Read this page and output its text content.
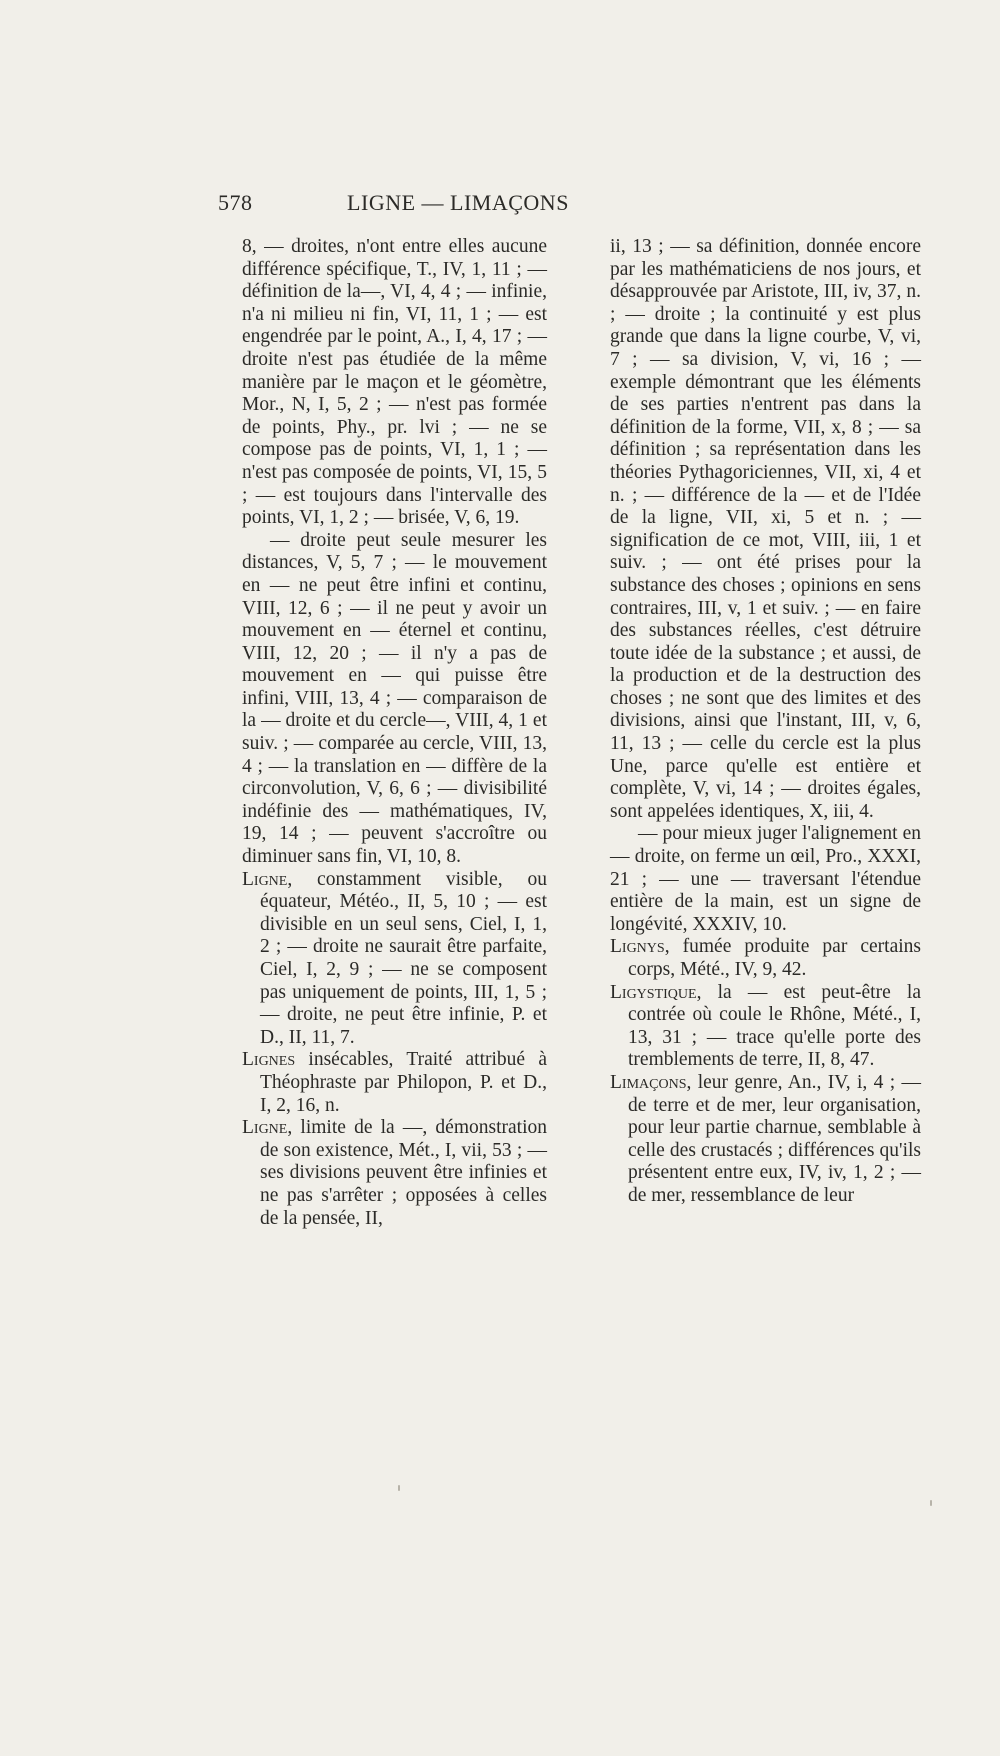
578	LIGNE — LIMAÇONS

8, — droites, n'ont entre elles aucune différence spécifique, T., IV, 1, 11 ; — définition de la—, VI, 4, 4 ; — infinie, n'a ni milieu ni fin, VI, 11, 1 ; — est engendrée par le point, A., I, 4, 17 ; — droite n'est pas étudiée de la même manière par le maçon et le géomètre, Mor., N, I, 5, 2 ; — n'est pas formée de points, Phy., pr. lvi ; — ne se compose pas de points, VI, 1, 1 ; — n'est pas composée de points, VI, 15, 5 ; — est toujours dans l'intervalle des points, VI, 1, 2 ; — brisée, V, 6, 19.

— droite peut seule mesurer les distances, V, 5, 7 ; — le mouvement en — ne peut être infini et continu, VIII, 12, 6 ; — il ne peut y avoir un mouvement en — éternel et continu, VIII, 12, 20 ; — il n'y a pas de mouvement en — qui puisse être infini, VIII, 13, 4 ; — comparaison de la — droite et du cercle—, VIII, 4, 1 et suiv. ; — comparée au cercle, VIII, 13, 4 ; — la translation en — diffère de la circonvolution, V, 6, 6 ; — divisibilité indéfinie des — mathématiques, IV, 19, 14 ; — peuvent s'accroître ou diminuer sans fin, VI, 10, 8.

Ligne, constamment visible, ou équateur, Météo., II, 5, 10 ; — est divisible en un seul sens, Ciel, I, 1, 2 ; — droite ne saurait être parfaite, Ciel, I, 2, 9 ; — ne se composent pas uniquement de points, III, 1, 5 ; — droite, ne peut être infinie, P. et D., II, 11, 7.

Lignes insécables, Traité attribué à Théophraste par Philopon, P. et D., I, 2, 16, n.

Ligne, limite de la —, démonstration de son existence, Mét., I, vii, 53 ; — ses divisions peuvent être infinies et ne pas s'arrêter ; opposées à celles de la pensée, II,

ii, 13 ; — sa définition, donnée encore par les mathématiciens de nos jours, et désapprouvée par Aristote, III, iv, 37, n. ; — droite ; la continuité y est plus grande que dans la ligne courbe, V, vi, 7 ; — sa division, V, vi, 16 ; — exemple démontrant que les éléments de ses parties n'entrent pas dans la définition de la forme, VII, x, 8 ; — sa définition ; sa représentation dans les théories Pythagoriciennes, VII, xi, 4 et n. ; — différence de la — et de l'Idée de la ligne, VII, xi, 5 et n. ; — signification de ce mot, VIII, iii, 1 et suiv. ; — ont été prises pour la substance des choses ; opinions en sens contraires, III, v, 1 et suiv. ; — en faire des substances réelles, c'est détruire toute idée de la substance ; et aussi, de la production et de la destruction des choses ; ne sont que des limites et des divisions, ainsi que l'instant, III, v, 6, 11, 13 ; — celle du cercle est la plus Une, parce qu'elle est entière et complète, V, vi, 14 ; — droites égales, sont appelées identiques, X, iii, 4.

— pour mieux juger l'alignement en — droite, on ferme un œil, Pro., XXXI, 21 ; — une — traversant l'étendue entière de la main, est un signe de longévité, XXXIV, 10.

Lignys, fumée produite par certains corps, Mété., IV, 9, 42.

Ligystique, la — est peut-être la contrée où coule le Rhône, Mété., I, 13, 31 ; — trace qu'elle porte des tremblements de terre, II, 8, 47.

Limaçons, leur genre, An., IV, i, 4 ; — de terre et de mer, leur organisation, pour leur partie charnue, semblable à celle des crustacés ; différences qu'ils présentent entre eux, IV, iv, 1, 2 ; — de mer, ressemblance de leur
